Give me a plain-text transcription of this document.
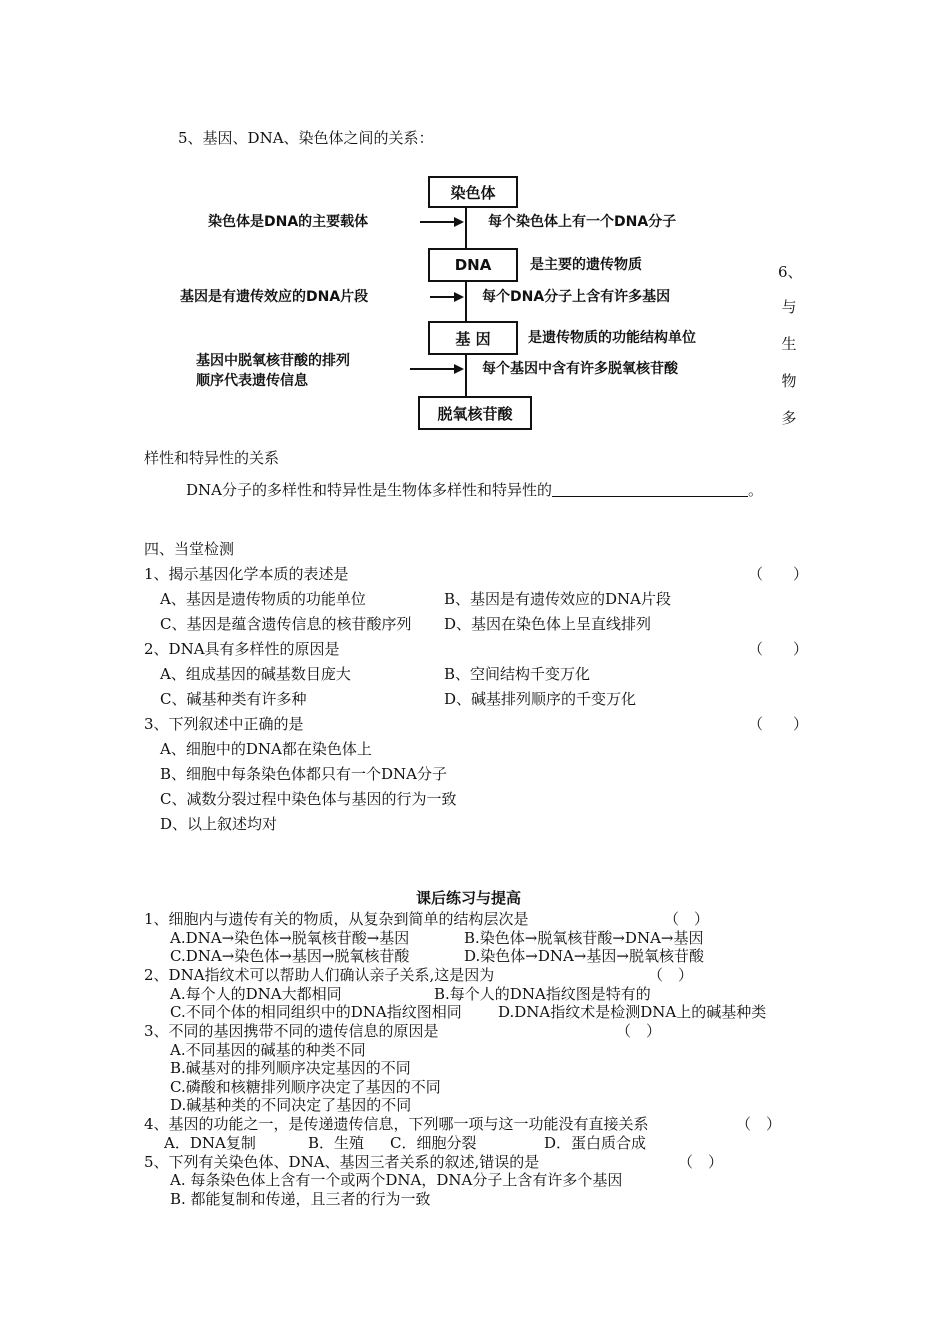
5、基因、DNA、染色体之间的关系：
染色体
DNA
基 因
脱氧核苷酸
染色体是DNA的主要载体
基因是有遗传效应的DNA片段
基因中脱氧核苷酸的排列
顺序代表遗传信息
每个染色体上有一个DNA分子
每个DNA分子上含有许多基因
每个基因中含有许多脱氧核苷酸
是主要的遗传物质
是遗传物质的功能结构单位
6、
与
生
物
多
样性和特异性的关系
DNA分子的多样性和特异性是生物体多样性和特异性的	。
四、当堂检测
1、揭示基因化学本质的表述是	（　　）
A、基因是遗传物质的功能单位	B、基因是有遗传效应的DNA片段
C、基因是蕴含遗传信息的核苷酸序列 D、基因在染色体上呈直线排列
2、DNA具有多样性的原因是	（　　）
A、组成基因的碱基数目庞大	B、空间结构千变万化
C、碱基种类有许多种	D、碱基排列顺序的千变万化
3、下列叙述中正确的是	（　　）
A、细胞中的DNA都在染色体上
B、细胞中每条染色体都只有一个DNA分子
C、减数分裂过程中染色体与基因的行为一致
D、以上叙述均对
课后练习与提高
1、细胞内与遗传有关的物质，从复杂到简单的结构层次是	（　）
A.DNA→染色体→脱氧核苷酸→基因	B.染色体→脱氧核苷酸→DNA→基因
C.DNA→染色体→基因→脱氧核苷酸	D.染色体→DNA→基因→脱氧核苷酸
2、DNA指纹术可以帮助人们确认亲子关系,这是因为	（　）
A.每个人的DNA大都相同	B.每个人的DNA指纹图是特有的
C.不同个体的相同组织中的DNA指纹图相同 D.DNA指纹术是检测DNA上的碱基种类
3、不同的基因携带不同的遗传信息的原因是	（　）
A.不同基因的碱基的种类不同
B.碱基对的排列顺序决定基因的不同
C.磷酸和核糖排列顺序决定了基因的不同
D.碱基种类的不同决定了基因的不同
4、基因的功能之一，是传递遗传信息，下列哪一项与这一功能没有直接关系	（　）
A．DNA复制	B．生殖 C．细胞分裂	D．蛋白质合成
5、下列有关染色体、DNA、基因三者关系的叙述,错误的是	（　）
A. 每条染色体上含有一个或两个DNA，DNA分子上含有许多个基因
B. 都能复制和传递，且三者的行为一致
